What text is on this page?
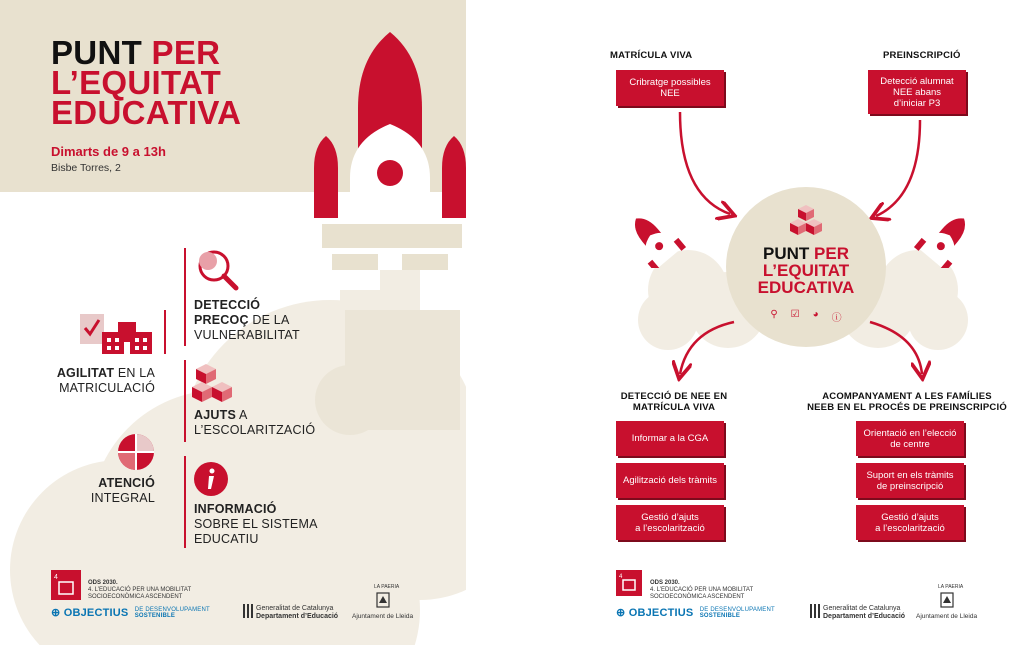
PUNT PER
L’EQUITAT
EDUCATIVA
Dimarts de 9 a 13h
Bisbe Torres, 2
DETECCIÓ
PRECOÇ DE LA
VULNERABILITAT
AGILITAT EN LA
MATRICULACIÓ
AJUTS A
L’ESCOLARITZACIÓ
ATENCIÓ
INTEGRAL
INFORMACIÓ
SOBRE EL SISTEMA
EDUCATIU
4
ODS 2030.
4. L’EDUCACIÓ PER UNA MOBILITAT
SOCIOECONÒMICA ASCENDENT
⊕ OBJECTIUS DE DESENVOLUPAMENT
SOSTENIBLE
Generalitat de Catalunya
Departament d’Educació
LA PAERIA
Ajuntament de Lleida
MATRÍCULA VIVA	PREINSCRIPCIÓ
Cribratge possibles NEE
Detecció alumnat
NEE abans
d’iniciar P3
PUNT PER
L’EQUITAT
EDUCATIVA
⚲ ☑ ◕ ⓘ
DETECCIÓ DE NEE EN
MATRÍCULA VIVA
ACOMPANYAMENT A LES FAMÍLIES
NEEB EN EL PROCÉS DE PREINSCRIPCIÓ
Informar a la CGA
Agilització dels tràmits
Gestió d’ajuts
a l’escolarització
Orientació en l’elecció
de centre
Suport en els tràmits
de preinscripció
Gestió d’ajuts
a l’escolarització
4
ODS 2030.
4. L’EDUCACIÓ PER UNA MOBILITAT
SOCIOECONÒMICA ASCENDENT
⊕ OBJECTIUS DE DESENVOLUPAMENT
SOSTENIBLE
Generalitat de Catalunya
Departament d’Educació
LA PAERIA
Ajuntament de Lleida
